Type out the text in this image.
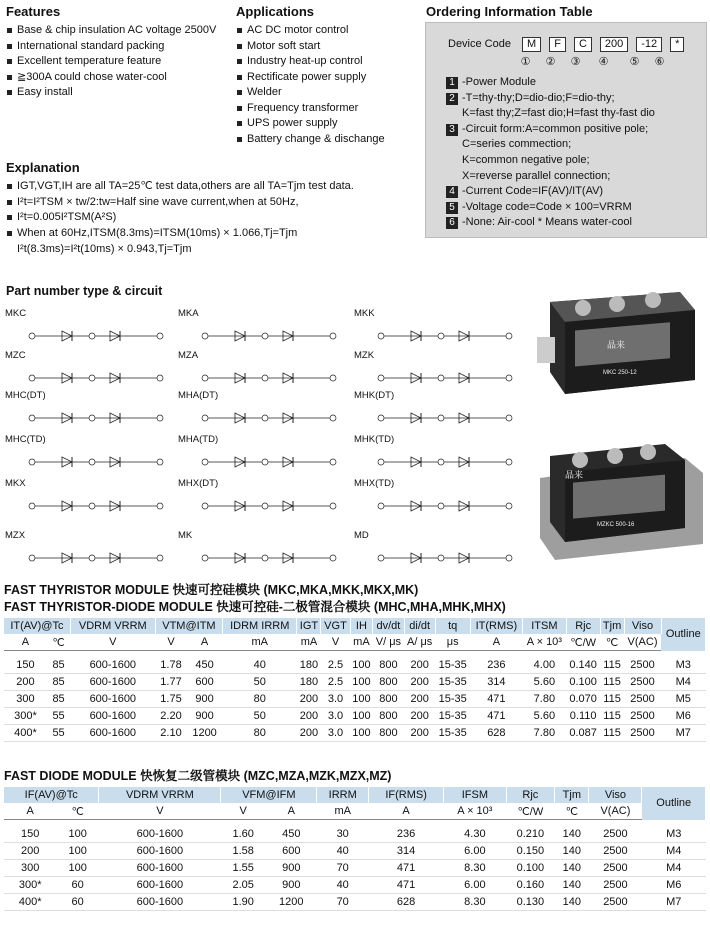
Features
Base & chip insulation AC voltage 2500V
International standard packing
Excellent temperature feature
≧300A could chose water-cool
Easy install
Applications
AC DC motor control
Motor soft start
Industry heat-up control
Rectificate power supply
Welder
Frequency transformer
UPS power supply
Battery change & dischange
Ordering Information Table
Device Code M F C 200 -12 *
① ② ③ ④ ⑤ ⑥
1 -Power Module
2 -T=thy-thy;D=dio-dio;F=dio-thy;
K=fast thy;Z=fast dio;H=fast thy-fast dio
3 -Circuit form:A=common positive pole;
C=series commection;
K=common negative pole;
X=reverse parallel connection;
4 -Current Code=IF(AV)/IT(AV)
5 -Voltage code=Code × 100=VRRM
6 -None: Air-cool * Means water-cool
Explanation
IGT,VGT,IH are all TA=25℃ test data,others are all TA=Tjm test data.
I²t=I²TSM × tw/2:tw=Half sine wave current,when at 50Hz,
I²t=0.005I²TSM(A²S)
When at 60Hz,ITSM(8.3ms)=ITSM(10ms) × 1.066,Tj=Tjm
I²t(8.3ms)=I²t(10ms) × 0.943,Tj=Tjm
Part number type & circuit
MKC
MZC
MHC(DT)
MHC(TD)
MKX
MZX
MKA
MZA
MHA(DT)
MHA(TD)
MHX(DT)
MK
MKK
MZK
MHK(DT)
MHK(TD)
MHX(TD)
MD
晶来
MKC 250-12
晶来
MZKC 500-16
FAST THYRISTOR MODULE 快速可控硅模块 (MKC,MKA,MKK,MKX,MK)
FAST THYRISTOR-DIODE MODULE 快速可控硅-二极管混合模块 (MHC,MHA,MHK,MHX)
IT(AV)@Tc		VDRM VRRM	VTM@ITM		IDRM IRRM	IGT	VGT	IH	dv/dt	di/dt	tq	IT(RMS)	ITSM	Rjc	Tjm	Viso	Outline
A	℃	V	V	A	mA	mA	V	mA	V/ μs	A/ μs	μs	A	A × 10³	℃/W	℃	V(AC)	

150	85	600-1600	1.78	450	40	180	2.5	100	800	200	15-35	236	4.00	0.140	115	2500	M3
200	85	600-1600	1.77	600	50	180	2.5	100	800	200	15-35	314	5.60	0.100	115	2500	M4
300	85	600-1600	1.75	900	80	200	3.0	100	800	200	15-35	471	7.80	0.070	115	2500	M5
300*	55	600-1600	2.20	900	50	200	3.0	100	800	200	15-35	471	5.60	0.110	115	2500	M6
400*	55	600-1600	2.10	1200	80	200	3.0	100	800	200	15-35	628	7.80	0.087	115	2500	M7
FAST DIODE MODULE 快恢复二级管模块 (MZC,MZA,MZK,MZX,MZ)
IF(AV)@Tc		VDRM VRRM	VFM@IFM		IRRM	IF(RMS)	IFSM	Rjc	Tjm	Viso	Outline
A	℃	V	V	A	mA	A	A × 10³	℃/W	℃	V(AC)	

150	100	600-1600	1.60	450	30	236	4.30	0.210	140	2500	M3
200	100	600-1600	1.58	600	40	314	6.00	0.150	140	2500	M4
300	100	600-1600	1.55	900	70	471	8.30	0.100	140	2500	M4
300*	60	600-1600	2.05	900	40	471	6.00	0.160	140	2500	M6
400*	60	600-1600	1.90	1200	70	628	8.30	0.130	140	2500	M7
